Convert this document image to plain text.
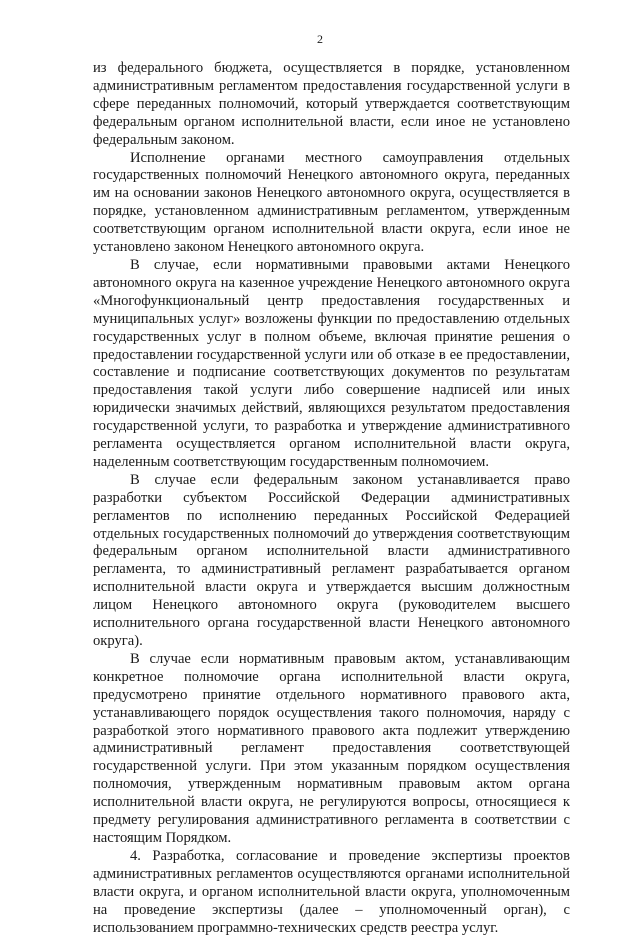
2

из федерального бюджета, осуществляется в порядке, установленном административным регламентом предоставления государственной услуги в сфере переданных полномочий, который утверждается соответствующим федеральным органом исполнительной власти, если иное не установлено федеральным законом.

Исполнение органами местного самоуправления отдельных государственных полномочий Ненецкого автономного округа, переданных им на основании законов Ненецкого автономного округа, осуществляется в порядке, установленном административным регламентом, утвержденным соответствующим органом исполнительной власти округа, если иное не установлено законом Ненецкого автономного округа.

В случае, если нормативными правовыми актами Ненецкого автономного округа на казенное учреждение Ненецкого автономного округа «Многофункциональный центр предоставления государственных и муниципальных услуг» возложены функции по предоставлению отдельных государственных услуг в полном объеме, включая принятие решения о предоставлении государственной услуги или об отказе в ее предоставлении, составление и подписание соответствующих документов по результатам предоставления такой услуги либо совершение надписей или иных юридически значимых действий, являющихся результатом предоставления государственной услуги, то разработка и утверждение административного регламента осуществляется органом исполнительной власти округа, наделенным соответствующим государственным полномочием.

В случае если федеральным законом устанавливается право разработки субъектом Российской Федерации административных регламентов по исполнению переданных Российской Федерацией отдельных государственных полномочий до утверждения соответствующим федеральным органом исполнительной власти административного регламента, то административный регламент разрабатывается органом исполнительной власти округа и утверждается высшим должностным лицом Ненецкого автономного округа (руководителем высшего исполнительного органа государственной власти Ненецкого автономного округа).

В случае если нормативным правовым актом, устанавливающим конкретное полномочие органа исполнительной власти округа, предусмотрено принятие отдельного нормативного правового акта, устанавливающего порядок осуществления такого полномочия, наряду с разработкой этого нормативного правового акта подлежит утверждению административный регламент предоставления соответствующей государственной услуги. При этом указанным порядком осуществления полномочия, утвержденным нормативным правовым актом органа исполнительной власти округа, не регулируются вопросы, относящиеся к предмету регулирования административного регламента в соответствии с настоящим Порядком.

4. Разработка, согласование и проведение экспертизы проектов административных регламентов осуществляются органами исполнительной власти округа, и органом исполнительной власти округа, уполномоченным на проведение экспертизы (далее – уполномоченный орган), с использованием программно-технических средств реестра услуг.
